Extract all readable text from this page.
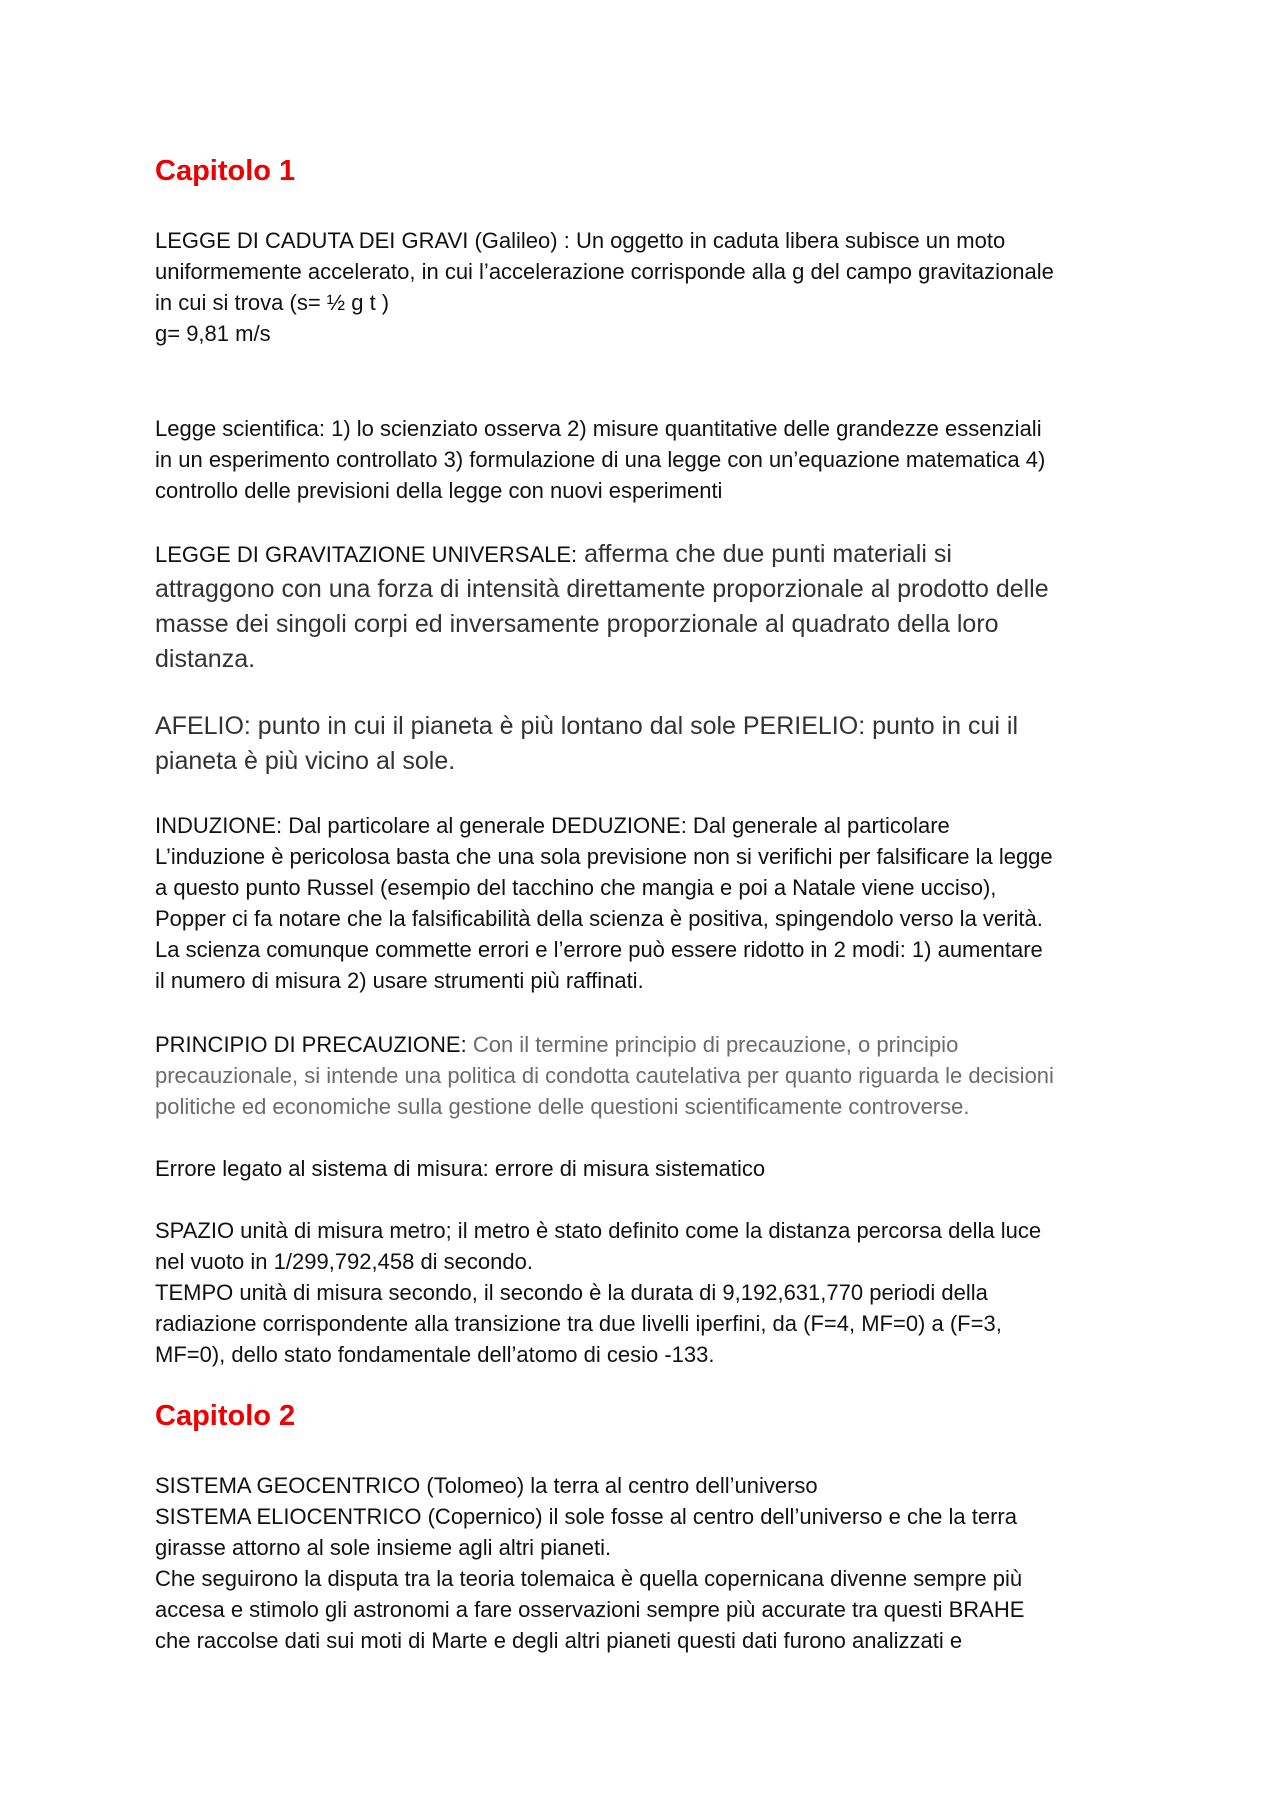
Capitolo 1
LEGGE DI CADUTA DEI GRAVI (Galileo) : Un oggetto in caduta libera subisce un moto
uniformemente accelerato, in cui l’accelerazione corrisponde alla g del campo gravitazionale
in cui si trova (s= ½ g t )
g= 9,81 m/s
Legge scientifica: 1) lo scienziato osserva 2) misure quantitative delle grandezze essenziali
in un esperimento controllato 3) formulazione di una legge con un’equazione matematica 4)
controllo delle previsioni della legge con nuovi esperimenti
LEGGE DI GRAVITAZIONE UNIVERSALE: afferma che due punti materiali si
attraggono con una forza di intensità direttamente proporzionale al prodotto delle
masse dei singoli corpi ed inversamente proporzionale al quadrato della loro
distanza.
AFELIO: punto in cui il pianeta è più lontano dal sole PERIELIO: punto in cui il
pianeta è più vicino al sole.
INDUZIONE: Dal particolare al generale DEDUZIONE: Dal generale al particolare
L’induzione è pericolosa basta che una sola previsione non si verifichi per falsificare la legge
a questo punto Russel (esempio del tacchino che mangia e poi a Natale viene ucciso),
Popper ci fa notare che la falsificabilità della scienza è positiva, spingendolo verso la verità.
La scienza comunque commette errori e l’errore può essere ridotto in 2 modi: 1) aumentare
il numero di misura 2) usare strumenti più raffinati.
PRINCIPIO DI PRECAUZIONE: Con il termine principio di precauzione, o principio
precauzionale, si intende una politica di condotta cautelativa per quanto riguarda le decisioni
politiche ed economiche sulla gestione delle questioni scientificamente controverse.
Errore legato al sistema di misura: errore di misura sistematico
SPAZIO unità di misura metro; il metro è stato definito come la distanza percorsa della luce
nel vuoto in 1/299,792,458 di secondo.
TEMPO unità di misura secondo, il secondo è la durata di 9,192,631,770 periodi della
radiazione corrispondente alla transizione tra due livelli iperfini, da (F=4, MF=0) a (F=3,
MF=0), dello stato fondamentale dell’atomo di cesio -133.
Capitolo 2
SISTEMA GEOCENTRICO (Tolomeo) la terra al centro dell’universo
SISTEMA ELIOCENTRICO (Copernico) il sole fosse al centro dell’universo e che la terra
girasse attorno al sole insieme agli altri pianeti.
Che seguirono la disputa tra la teoria tolemaica è quella copernicana divenne sempre più
accesa e stimolo gli astronomi a fare osservazioni sempre più accurate tra questi BRAHE
che raccolse dati sui moti di Marte e degli altri pianeti questi dati furono analizzati e
